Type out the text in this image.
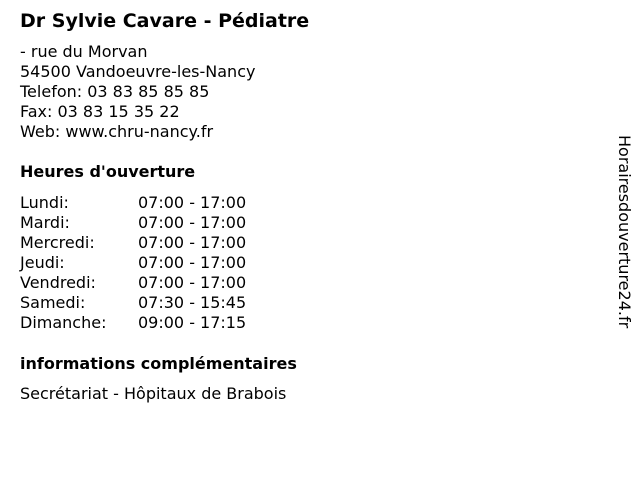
Dr Sylvie Cavare - Pédiatre
- rue du Morvan
54500 Vandoeuvre-les-Nancy
Telefon: 03 83 85 85 85
Fax: 03 83 15 35 22
Web: www.chru-nancy.fr
Heures d'ouverture
Lundi:	07:00 - 17:00
Mardi:	07:00 - 17:00
Mercredi:	07:00 - 17:00
Jeudi:	07:00 - 17:00
Vendredi:	07:00 - 17:00
Samedi:	07:30 - 15:45
Dimanche:	09:00 - 17:15
informations complémentaires
Secrétariat - Hôpitaux de Brabois
Horairesdouverture24.fr
